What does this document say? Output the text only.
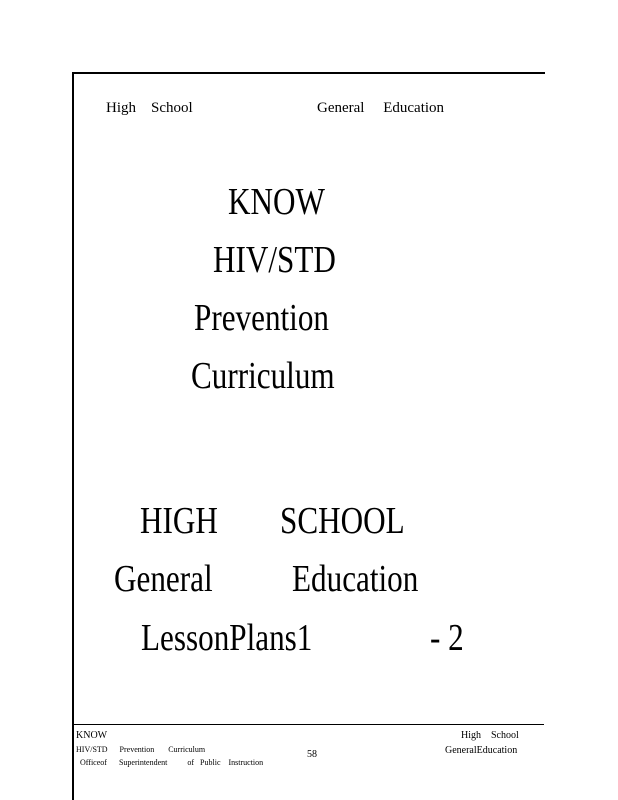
High    School	General     Education
KNOW
HIV/STD
Prevention
Curriculum
HIGH SCHOOL
General Education
LessonPlans1	- 2
KNOW
HIV/STD      Prevention       Curriculum
Officeof      Superintendent          of   Public    Instruction
58
High    School
GeneralEducation
